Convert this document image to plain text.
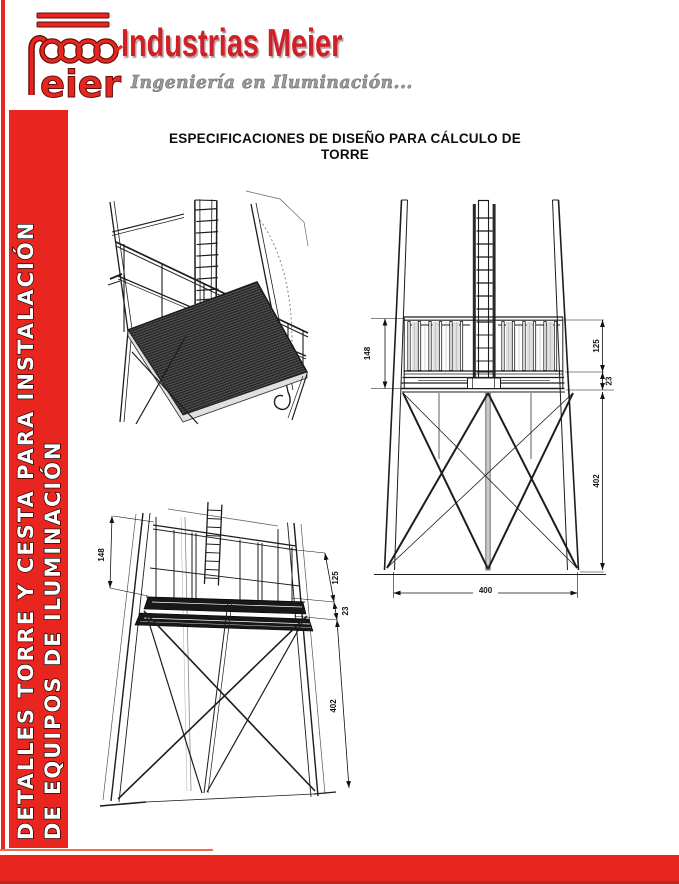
DETALLES TORRE Y CESTA PARA INSTALACIÓN DE EQUIPOS DE ILUMINACIÓN
eier
Industrias Meier
Ingeniería en Iluminación...
ESPECIFICACIONES DE DISEÑO PARA CÁLCULO DE
TORRE
148
125
23
402
400
148
125
23
402
